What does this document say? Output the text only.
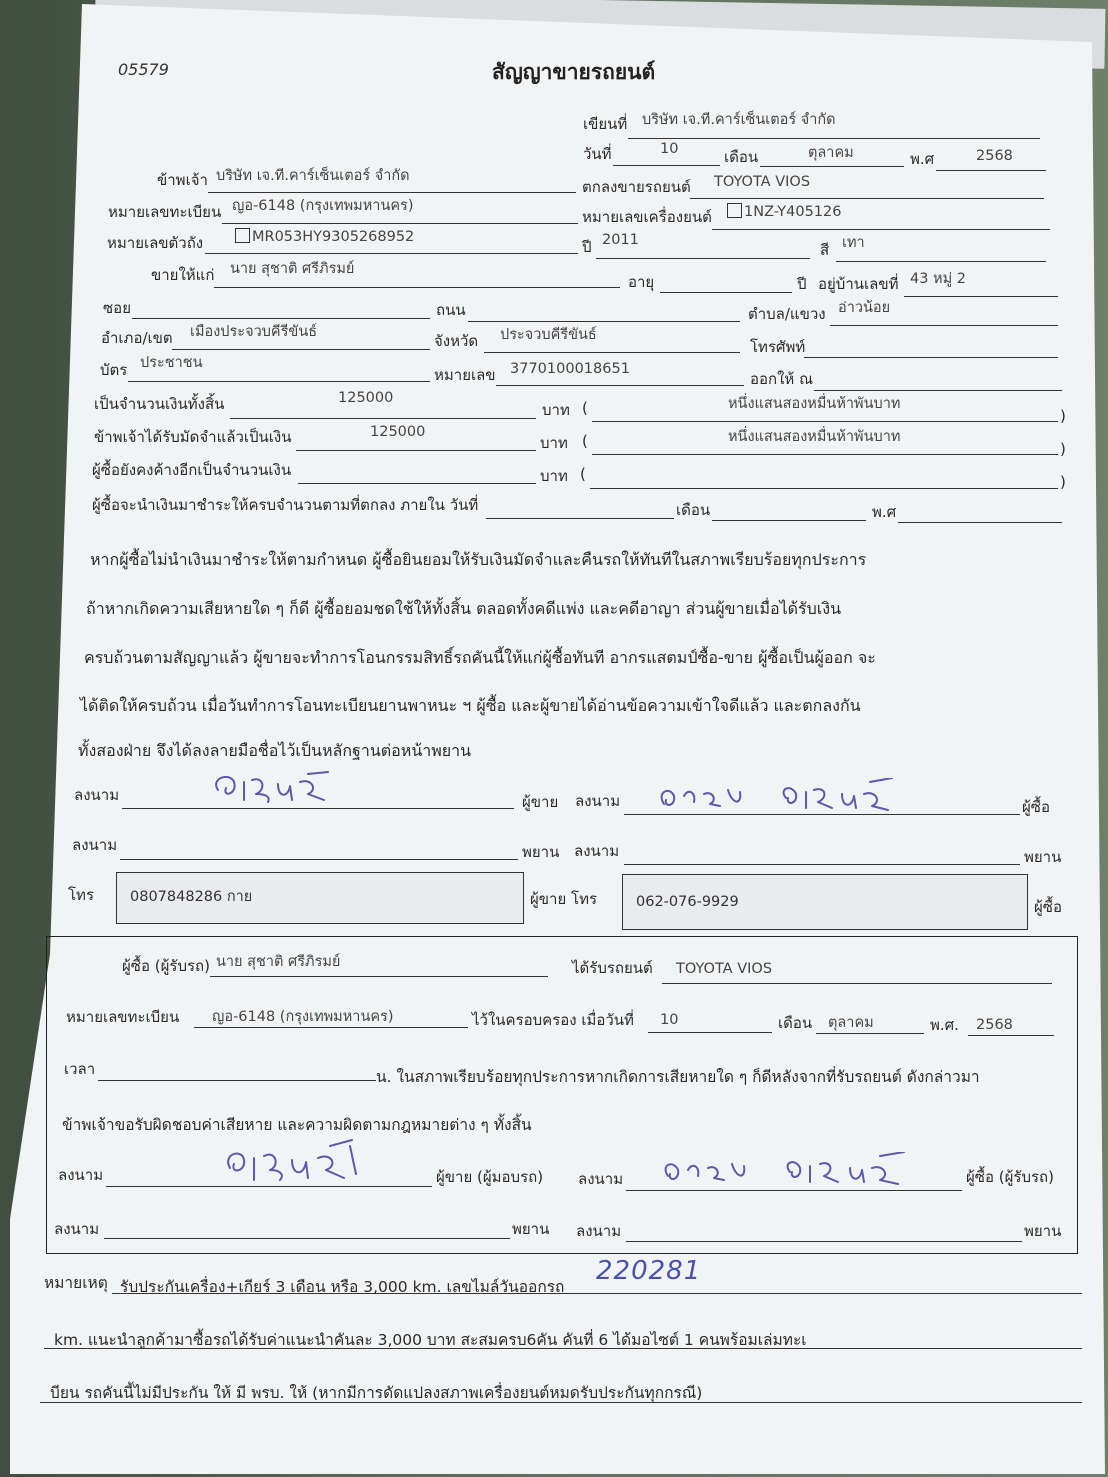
05579	สัญญาขายรถยนต์
เขียนที่ บริษัท เจ.ที.คาร์เซ็นเตอร์ จำกัด
วันที่	10	เดือน	ตุลาคม	พ.ศ	2568
ข้าพเจ้า บริษัท เจ.ที.คาร์เซ็นเตอร์ จำกัด
ตกลงขายรถยนต์ TOYOTA VIOS
หมายเลขทะเบียน ญอ-6148 (กรุงเทพมหานคร)
หมายเลขเครื่องยนต์	1NZ-Y405126
หมายเลขตัวถัง	MR053HY9305268952
ปี 2011
สี เทา
ขายให้แก่ นาย สุชาติ ศรีภิรมย์
อายุ	ปี อยู่บ้านเลขที่ 43 หมู่ 2
ซอย	ถนน	ตำบล/แขวง อ่าวน้อย
อำเภอ/เขต เมืองประจวบคีรีขันธ์	จังหวัด ประจวบคีรีขันธ์
โทรศัพท์
บัตร ประชาชน
หมายเลข 3770100018651
ออกให้ ณ
เป็นจำนวนเงินทั้งสิ้น	125000
บาท (	หนึ่งแสนสองหมื่นห้าพันบาท
)
ข้าพเจ้าได้รับมัดจำแล้วเป็นเงิน	125000
บาท (	หนึ่งแสนสองหมื่นห้าพันบาท
)
ผู้ซื้อยังคงค้างอีกเป็นจำนวนเงิน	บาท (	)
ผู้ซื้อจะนำเงินมาชำระให้ครบจำนวนตามที่ตกลง ภายใน วันที่	เดือน	พ.ศ
หากผู้ซื้อไม่นำเงินมาชำระให้ตามกำหนด ผู้ซื้อยินยอมให้รับเงินมัดจำและคืนรถให้ทันทีในสภาพเรียบร้อยทุกประการ
ถ้าหากเกิดความเสียหายใด ๆ ก็ดี ผู้ซื้อยอมชดใช้ให้ทั้งสิ้น ตลอดทั้งคดีแพ่ง และคดีอาญา ส่วนผู้ขายเมื่อได้รับเงิน
ครบถ้วนตามสัญญาแล้ว ผู้ขายจะทำการโอนกรรมสิทธิ์รถคันนี้ให้แก่ผู้ซื้อทันที อากรแสตมป์ซื้อ-ขาย ผู้ซื้อเป็นผู้ออก จะ
ได้ติดให้ครบถ้วน เมื่อวันทำการโอนทะเบียนยานพาหนะ ฯ ผู้ซื้อ และผู้ขายได้อ่านข้อความเข้าใจดีแล้ว และตกลงกัน
ทั้งสองฝ่าย จึงได้ลงลายมือชื่อไว้เป็นหลักฐานต่อหน้าพยาน
ลงนาม	ผู้ขาย ลงนาม	ผู้ซื้อ
ลงนาม	พยาน ลงนาม	พยาน
โทร 0807848286 กาย	ผู้ขาย โทร	062-076-9929	ผู้ซื้อ
ผู้ซื้อ (ผู้รับรถ) นาย สุชาติ ศรีภิรมย์	ได้รับรถยนต์ TOYOTA VIOS
หมายเลขทะเบียน ญอ-6148 (กรุงเทพมหานคร)	ไว้ในครอบครอง เมื่อวันที่ 10	เดือน ตุลาคม	พ.ศ. 2568
เวลา	น. ในสภาพเรียบร้อยทุกประการหากเกิดการเสียหายใด ๆ ก็ดีหลังจากที่รับรถยนต์ ดังกล่าวมา
ข้าพเจ้าขอรับผิดชอบค่าเสียหาย และความผิดตามกฎหมายต่าง ๆ ทั้งสิ้น
ลงนาม	ผู้ขาย (ผู้มอบรถ) ลงนาม	ผู้ซื้อ (ผู้รับรถ)
ลงนาม	พยาน ลงนาม	พยาน
หมายเหตุ รับประกันเครื่อง+เกียร์ 3 เดือน หรือ 3,000 km. เลขไมล์วันออกรถ
220281
km. แนะนำลูกค้ามาซื้อรถได้รับค่าแนะนำคันละ 3,000 บาท สะสมครบ6คัน คันที่ 6 ได้มอไซต์ 1 คนพร้อมเล่มทะเ
บียน รถคันนี้ไม่มีประกัน ให้ มี พรบ. ให้ (หากมีการดัดแปลงสภาพเครื่องยนต์หมดรับประกันทุกกรณี)
